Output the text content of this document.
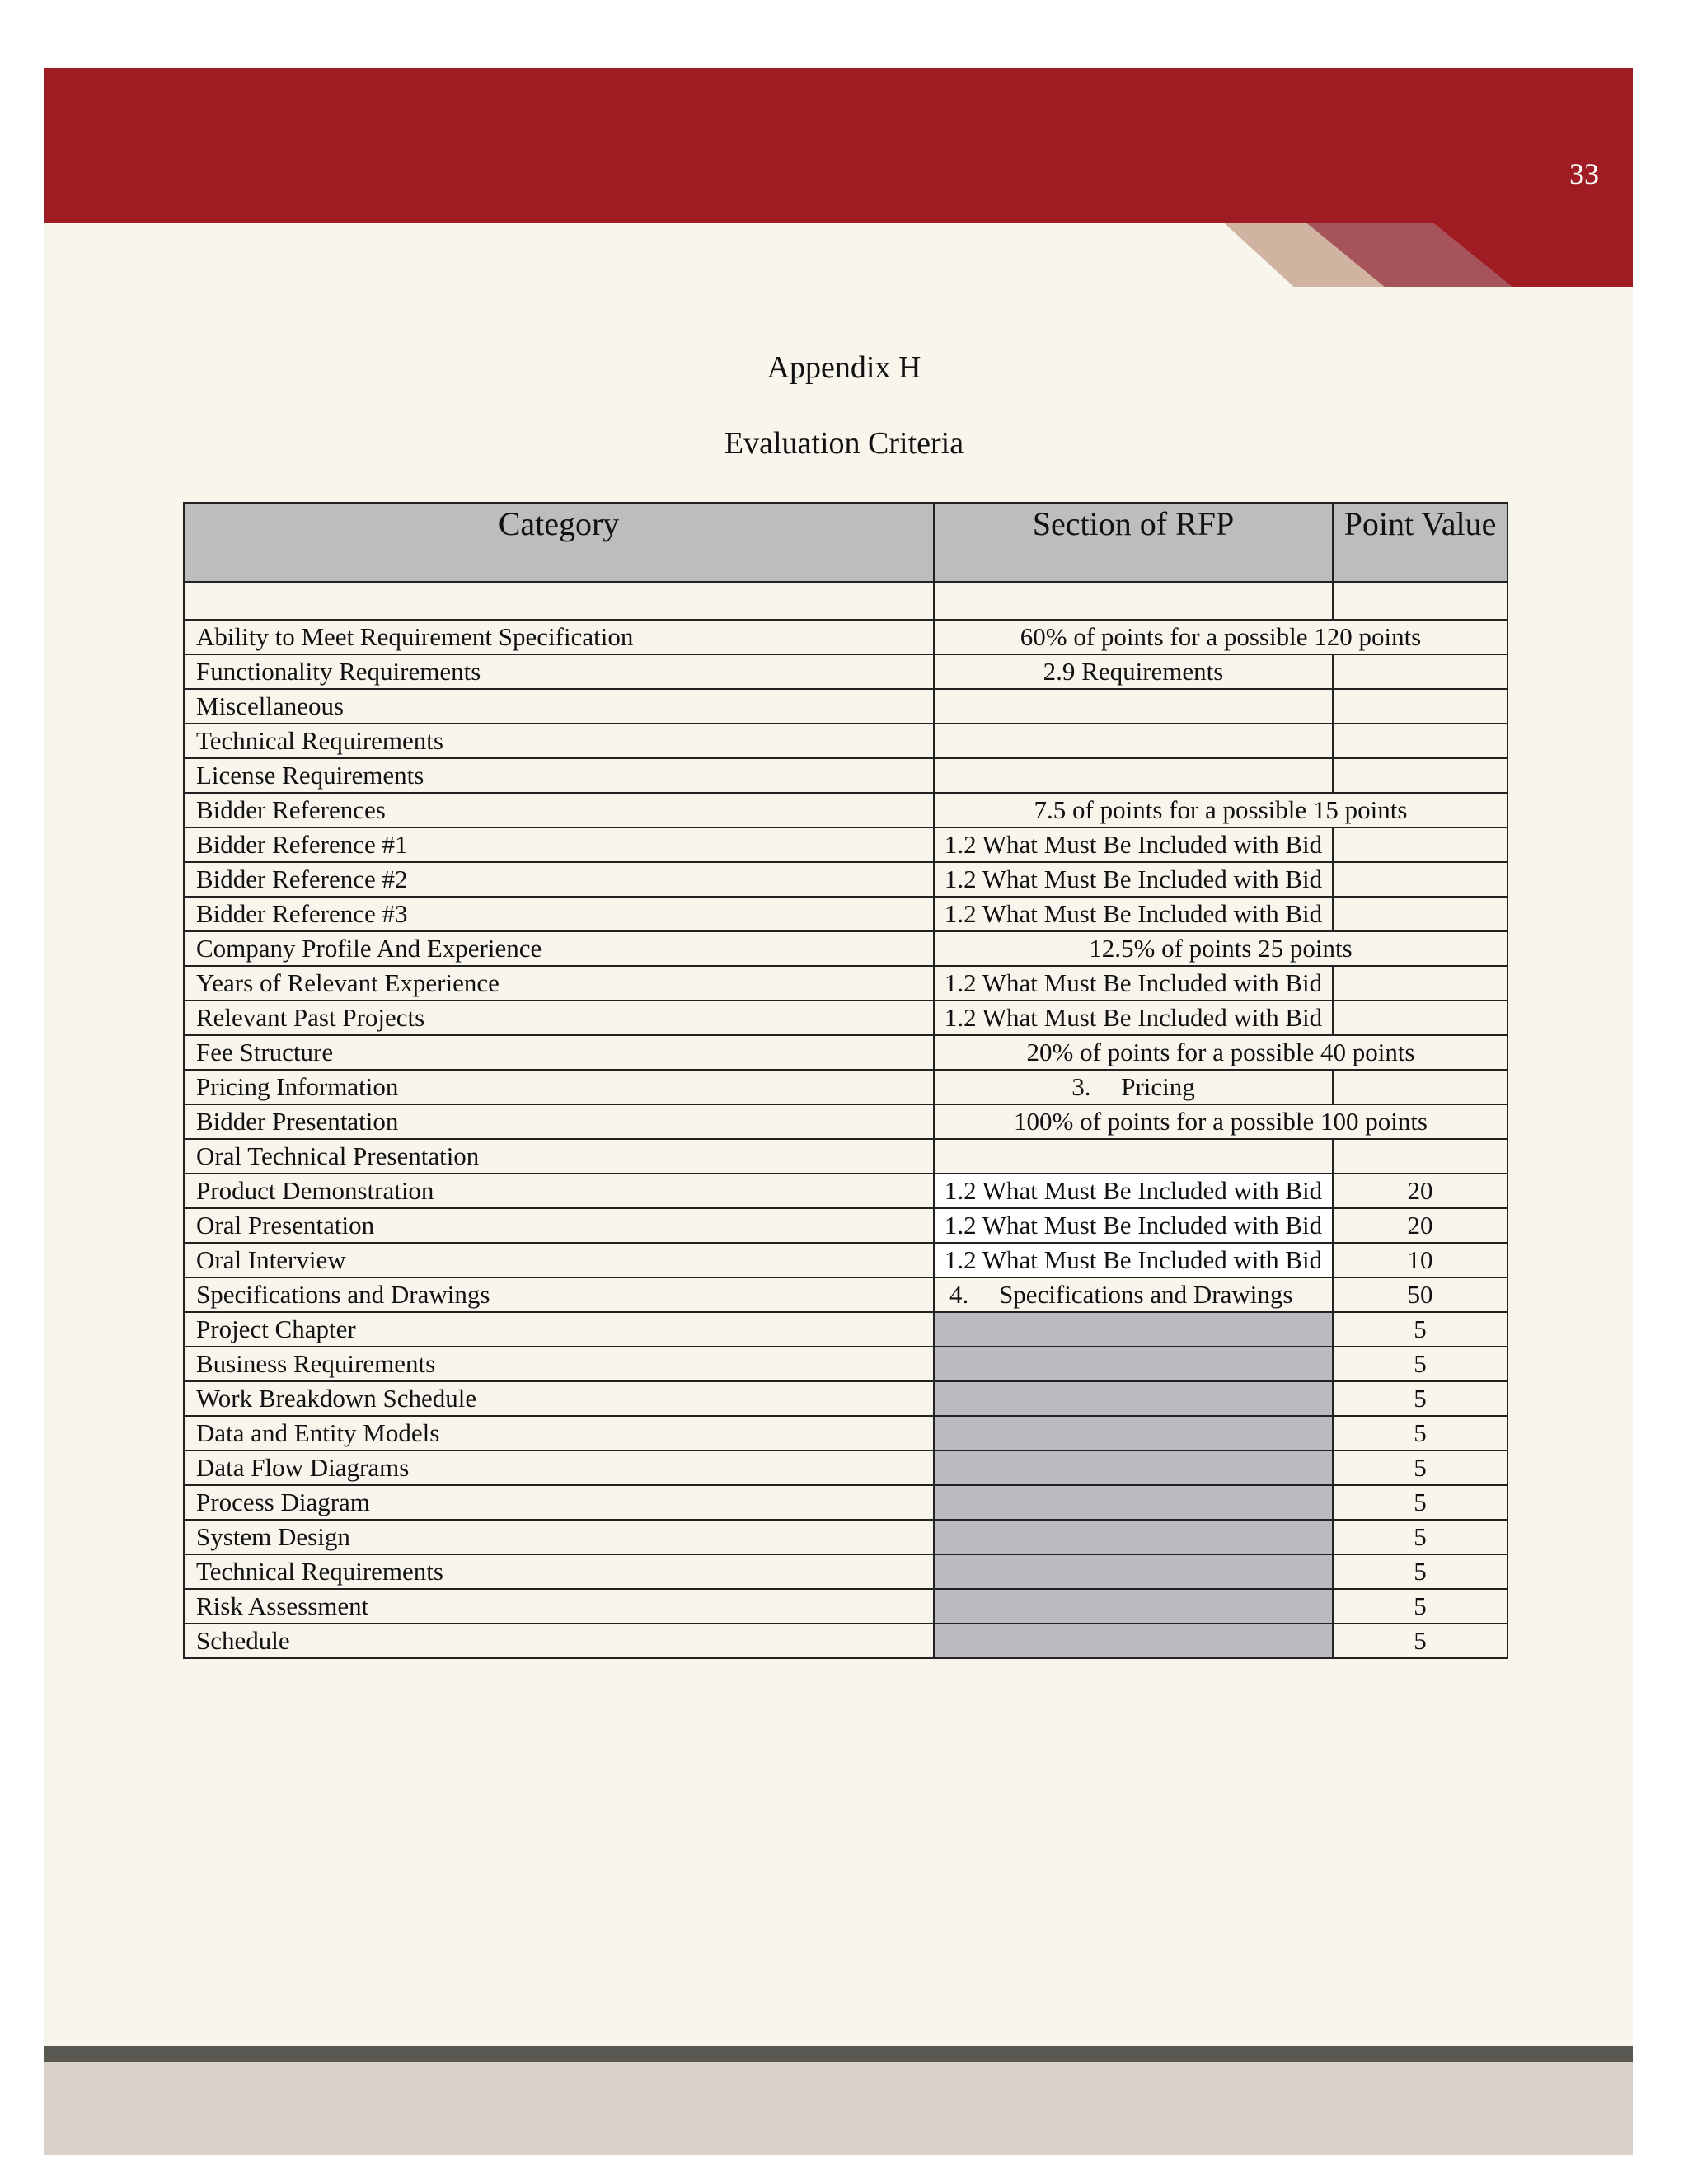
33
Appendix H
Evaluation Criteria
Category	Section of RFP	Point Value

Ability to Meet Requirement Specification	60% of points for a possible 120 points	
Functionality Requirements	2.9 Requirements	
Miscellaneous		
Technical Requirements		
License Requirements		
Bidder References	7.5 of points for a possible 15 points	
Bidder Reference #1	1.2 What Must Be Included with Bid	
Bidder Reference #2	1.2 What Must Be Included with Bid	
Bidder Reference #3	1.2 What Must Be Included with Bid	
Company Profile And Experience	12.5% of points 25 points	
Years of Relevant Experience	1.2 What Must Be Included with Bid	
Relevant Past Projects	1.2 What Must Be Included with Bid	
Fee Structure	20% of points for a possible 40 points	
Pricing Information	3. Pricing	
Bidder Presentation	100% of points for a possible 100 points	
Oral Technical Presentation		
Product Demonstration	1.2 What Must Be Included with Bid	20
Oral Presentation	1.2 What Must Be Included with Bid	20
Oral Interview	1.2 What Must Be Included with Bid	10
Specifications and Drawings	4. Specifications and Drawings	50
Project Chapter		5
Business Requirements		5
Work Breakdown Schedule		5
Data and Entity Models		5
Data Flow Diagrams		5
Process Diagram		5
System Design		5
Technical Requirements		5
Risk Assessment		5
Schedule		5
